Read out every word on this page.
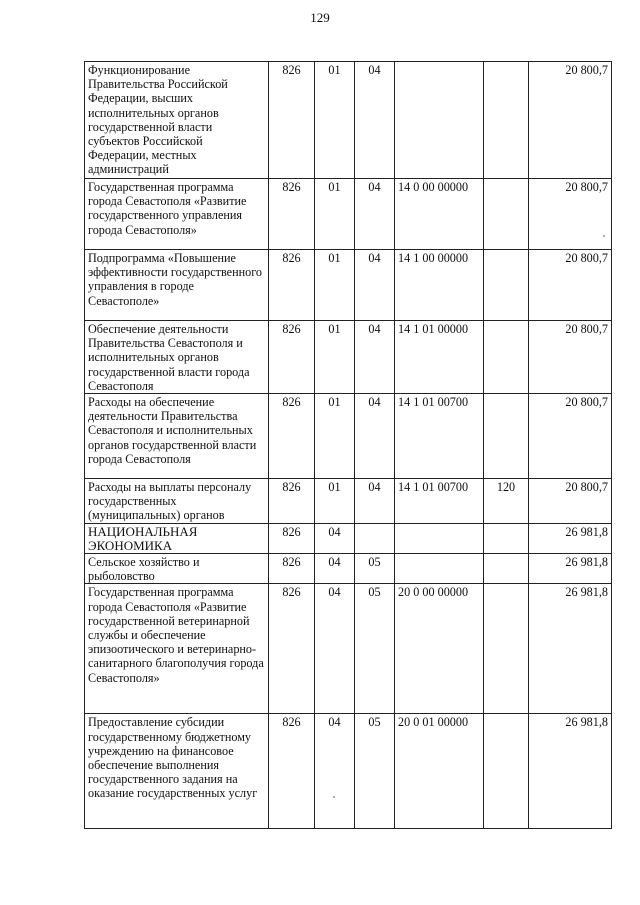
129
Функционирование Правительства Российской Федерации, высших исполнительных органов государственной власти субъектов Российской Федерации, местных администраций	826	01	04			20 800,7
Государственная программа города Севастополя «Развитие государственного управления города Севастополя»	826	01	04	14 0 00 00000		20 800,7
Подпрограмма «Повышение эффективности государственного управления в городе Севастополе»	826	01	04	14 1 00 00000		20 800,7
Обеспечение деятельности Правительства Севастополя и исполнительных органов государственной власти города Севастополя	826	01	04	14 1 01 00000		20 800,7
Расходы на обеспечение деятельности Правительства Севастополя и исполнительных органов государственной власти города Севастополя	826	01	04	14 1 01 00700		20 800,7
Расходы на выплаты персоналу государственных (муниципальных) органов	826	01	04	14 1 01 00700	120	20 800,7
НАЦИОНАЛЬНАЯ ЭКОНОМИКА	826	04				26 981,8
Сельское хозяйство и рыболовство	826	04	05			26 981,8
Государственная программа города Севастополя «Развитие государственной ветеринарной службы и обеспечение эпизоотического и ветеринарно-санитарного благополучия города Севастополя»	826	04	05	20 0 00 00000		26 981,8
Предоставление субсидии государственному бюджетному учреждению на финансовое обеспечение выполнения государственного задания на оказание государственных услуг	826	04	05	20 0 01 00000		26 981,8
